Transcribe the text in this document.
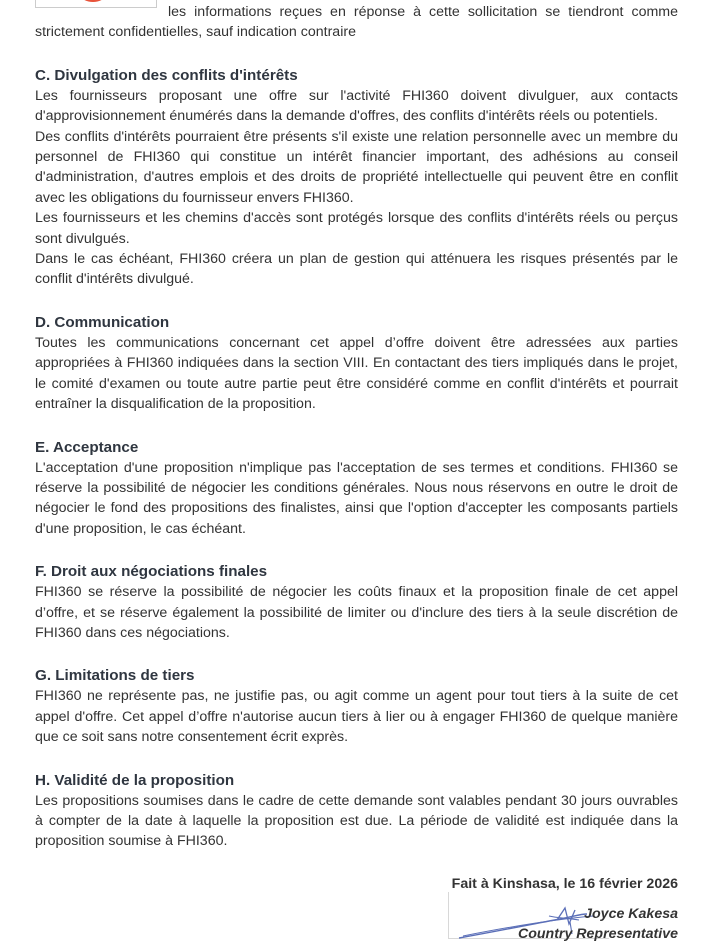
les informations reçues en réponse à cette sollicitation se tiendront comme strictement confidentielles, sauf indication contraire

C. Divulgation des conflits d'intérêts

Les fournisseurs proposant une offre sur l'activité FHI360 doivent divulguer, aux contacts d'approvisionnement énumérés dans la demande d'offres, des conflits d'intérêts réels ou potentiels.

Des conflits d'intérêts pourraient être présents s'il existe une relation personnelle avec un membre du personnel de FHI360 qui constitue un intérêt financier important, des adhésions au conseil d'administration, d'autres emplois et des droits de propriété intellectuelle qui peuvent être en conflit avec les obligations du fournisseur envers FHI360.

Les fournisseurs et les chemins d'accès sont protégés lorsque des conflits d'intérêts réels ou perçus sont divulgués.

Dans le cas échéant, FHI360 créera un plan de gestion qui atténuera les risques présentés par le conflit d'intérêts divulgué.

D. Communication

Toutes les communications concernant cet appel d’offre doivent être adressées aux parties appropriées à FHI360 indiquées dans la section VIII. En contactant des tiers impliqués dans le projet, le comité d'examen ou toute autre partie peut être considéré comme en conflit d'intérêts et pourrait entraîner la disqualification de la proposition.

E. Acceptance

L'acceptation d'une proposition n'implique pas l'acceptation de ses termes et conditions. FHI360 se réserve la possibilité de négocier les conditions générales. Nous nous réservons en outre le droit de négocier le fond des propositions des finalistes, ainsi que l'option d'accepter les composants partiels d'une proposition, le cas échéant.

F. Droit aux négociations finales

FHI360 se réserve la possibilité de négocier les coûts finaux et la proposition finale de cet appel d’offre, et se réserve également la possibilité de limiter ou d'inclure des tiers à la seule discrétion de FHI360 dans ces négociations.

G. Limitations de tiers

FHI360 ne représente pas, ne justifie pas, ou agit comme un agent pour tout tiers à la suite de cet appel d'offre. Cet appel d’offre n'autorise aucun tiers à lier ou à engager FHI360 de quelque manière que ce soit sans notre consentement écrit exprès.

H. Validité de la proposition

Les propositions soumises dans le cadre de cette demande sont valables pendant 30 jours ouvrables à compter de la date à laquelle la proposition est due. La période de validité est indiquée dans la proposition soumise à FHI360.

Fait à Kinshasa, le 16 février 2026
Joyce Kakesa
Country Representative
